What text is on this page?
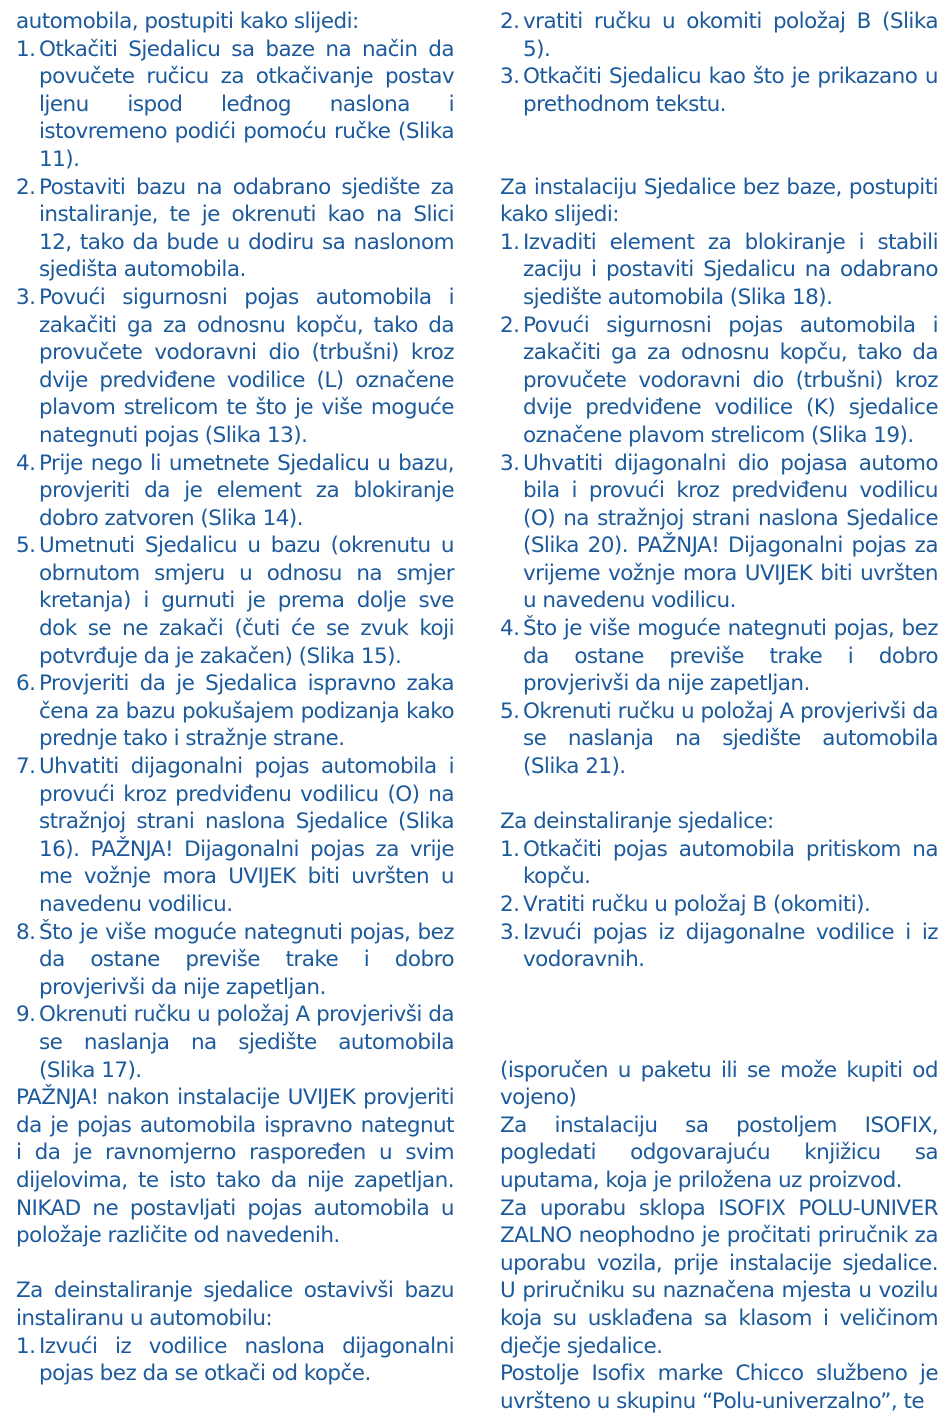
automobila, postupiti kako slijedi:

1. Otkačiti Sjedalicu sa baze na način da povučete ručicu za otkačivanje postav ljenu ispod leđnog naslona i istovremeno podići pomoću ručke (Slika 11).
2. Postaviti bazu na odabrano sjedište za instaliranje, te je okrenuti kao na Slici 12, tako da bude u dodiru sa naslonom sjedišta automobila.
3. Povući sigurnosni pojas automobila i zakačiti ga za odnosnu kopču, tako da provučete vodoravni dio (trbušni) kroz dvije predviđene vodilice (L) označene plavom strelicom te što je više moguće nategnuti pojas (Slika 13).
4. Prije nego li umetnete Sjedalicu u bazu, provjeriti da je element za blokiranje dobro zatvoren (Slika 14).
5. Umetnuti Sjedalicu u bazu (okrenutu u obrnutom smjeru u odnosu na smjer kretanja) i gurnuti je prema dolje sve dok se ne zakači (čuti će se zvuk koji potvrđuje da je zakačen) (Slika 15).
6. Provjeriti da je Sjedalica ispravno zaka čena za bazu pokušajem podizanja kako prednje tako i stražnje strane.
7. Uhvatiti dijagonalni pojas automobila i provući kroz predviđenu vodilicu (O) na stražnjoj strani naslona Sjedalice (Slika 16). PAŽNJA! Dijagonalni pojas za vrije me vožnje mora UVIJEK biti uvršten u navedenu vodilicu.
8. Što je više moguće nategnuti pojas, bez da ostane previše trake i dobro provjerivši da nije zapetljan.
9. Okrenuti ručku u položaj A provjerivši da se naslanja na sjedište automobila (Slika 17).

PAŽNJA! nakon instalacije UVIJEK provjeriti da je pojas automobila ispravno nategnut i da je ravnomjerno raspoređen u svim dijelovima, te isto tako da nije zapetljan. NIKAD ne postavljati pojas automobila u položaje različite od navedenih.

Za deinstaliranje sjedalice ostavivši bazu instaliranu u automobilu:

1. Izvući iz vodilice naslona dijagonalni pojas bez da se otkači od kopče.
2. vratiti ručku u okomiti položaj B (Slika 5).
3. Otkačiti Sjedalicu kao što je prikazano u prethodnom tekstu.

Za instalaciju Sjedalice bez baze, postupiti kako slijedi:

1. Izvaditi element za blokiranje i stabili zaciju i postaviti Sjedalicu na odabrano sjedište automobila (Slika 18).
2. Povući sigurnosni pojas automobila i zakačiti ga za odnosnu kopču, tako da provučete vodoravni dio (trbušni) kroz dvije predviđene vodilice (K) sjedalice označene plavom strelicom (Slika 19).
3. Uhvatiti dijagonalni dio pojasa automo bila i provući kroz predviđenu vodilicu (O) na stražnjoj strani naslona Sjedalice (Slika 20). PAŽNJA! Dijagonalni pojas za vrijeme vožnje mora UVIJEK biti uvršten u navedenu vodilicu.
4. Što je više moguće nategnuti pojas, bez da ostane previše trake i dobro provjerivši da nije zapetljan.
5. Okrenuti ručku u položaj A provjerivši da se naslanja na sjedište automobila (Slika 21).

Za deinstaliranje sjedalice:

1. Otkačiti pojas automobila pritiskom na kopču.
2. Vratiti ručku u položaj B (okomiti).
3. Izvući pojas iz dijagonalne vodilice i iz vodoravnih.

(isporučen u paketu ili se može kupiti od vojeno)

Za instalaciju sa postoljem ISOFIX, pogledati odgovarajuću knjižicu sa uputama, koja je priložena uz proizvod.

Za uporabu sklopa ISOFIX POLU-UNIVER ZALNO neophodno je pročitati priručnik za uporabu vozila, prije instalacije sjedalice. U priručniku su naznačena mjesta u vozilu koja su usklađena sa klasom i veličinom dječje sjedalice.

Postolje Isofix marke Chicco službeno je uvršteno u skupinu “Polu-univerzalno”, te
